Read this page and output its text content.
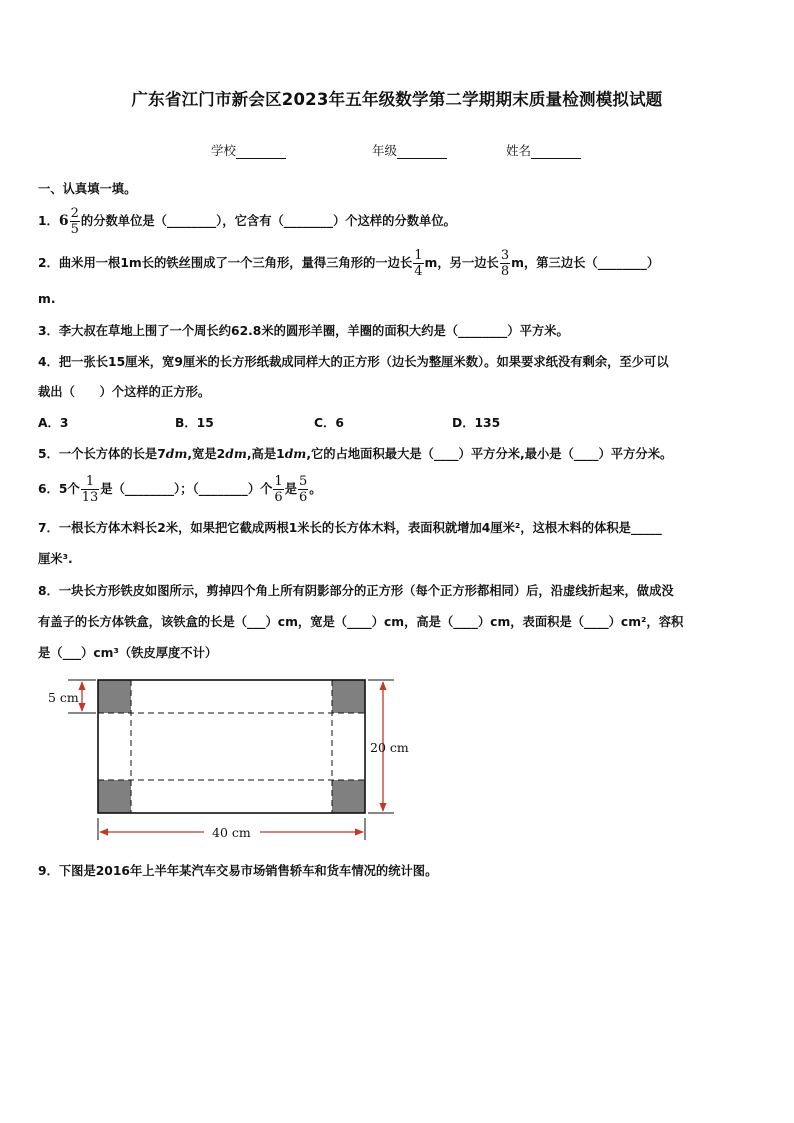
广东省江门市新会区2023年五年级数学第二学期期末质量检测模拟试题
学校	年级	姓名
一、认真填一填。
1．$6 \frac{2}{5}$ 的分数单位是（________），它含有（________）个这样的分数单位。
2．曲米用一根1m长的铁丝围成了一个三角形，量得三角形的一边长 $\frac{1}{4}$ m，另一边长 $\frac{3}{8}$ m，第三边长（________）
m.
3．李大叔在草地上围了一个周长约62.8米的圆形羊圈，羊圈的面积大约是（________）平方米。
4．把一张长15厘米，宽9厘米的长方形纸裁成同样大的正方形（边长为整厘米数）。如果要求纸没有剩余，至少可以
裁出（　　）个这样的正方形。
A．3	B．15	C．6	D．135
5．一个长方体的长是7dm,宽是2dm,高是1dm,它的占地面积最大是（____）平方分米,最小是（____）平方分米。
6．5个 $\frac{1}{13}$ 是（________）；（________）个 $\frac{1}{6}$ 是 $\frac{5}{6}$ 。
7．一根长方体木料长2米，如果把它截成两根1米长的长方体木料，表面积就增加4厘米²，这根木料的体积是_____
厘米³.
8．一块长方形铁皮如图所示，剪掉四个角上所有阴影部分的正方形（每个正方形都相同）后，沿虚线折起来，做成没
有盖子的长方体铁盒，该铁盒的长是（___）cm，宽是（____）cm，高是（____）cm，表面积是（____）cm²，容积
是（___）cm³（铁皮厚度不计）
5 cm
20 cm
40 cm
9．下图是2016年上半年某汽车交易市场销售轿车和货车情况的统计图。
